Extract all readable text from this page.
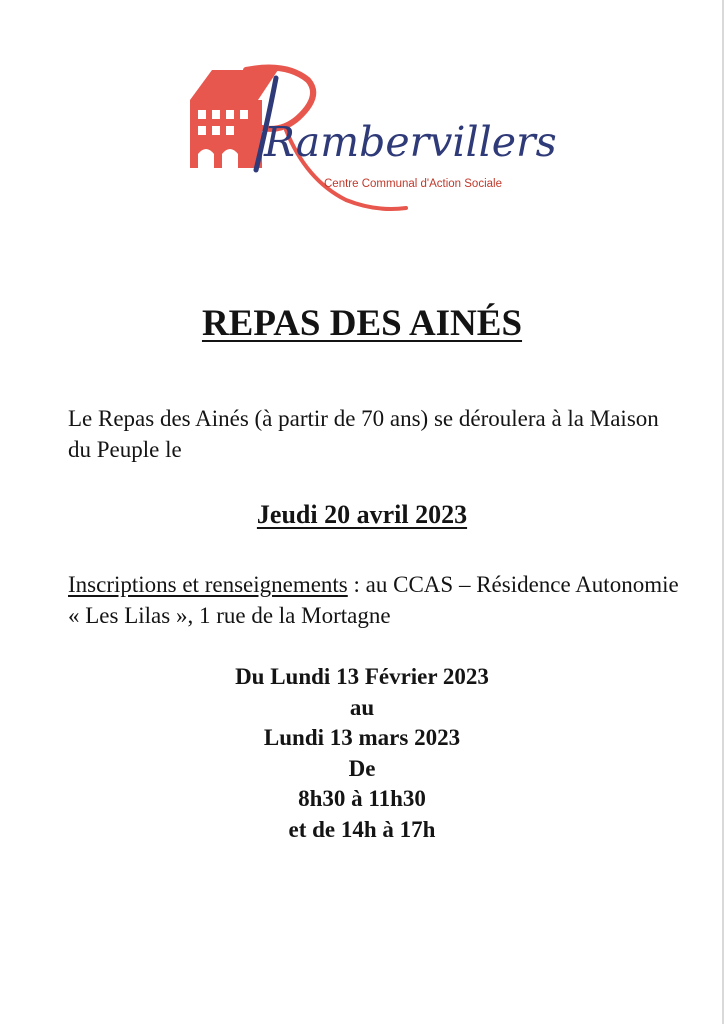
Rambervillers
Centre Communal d'Action Sociale
REPAS DES AINÉS
Le Repas des Ainés (à partir de 70 ans) se déroulera à la Maison du Peuple le
Jeudi 20 avril 2023
Inscriptions et renseignements : au CCAS – Résidence Autonomie « Les Lilas », 1 rue de la Mortagne
Du Lundi 13 Février 2023
au
Lundi 13 mars 2023
De
8h30 à 11h30
et de 14h à 17h
